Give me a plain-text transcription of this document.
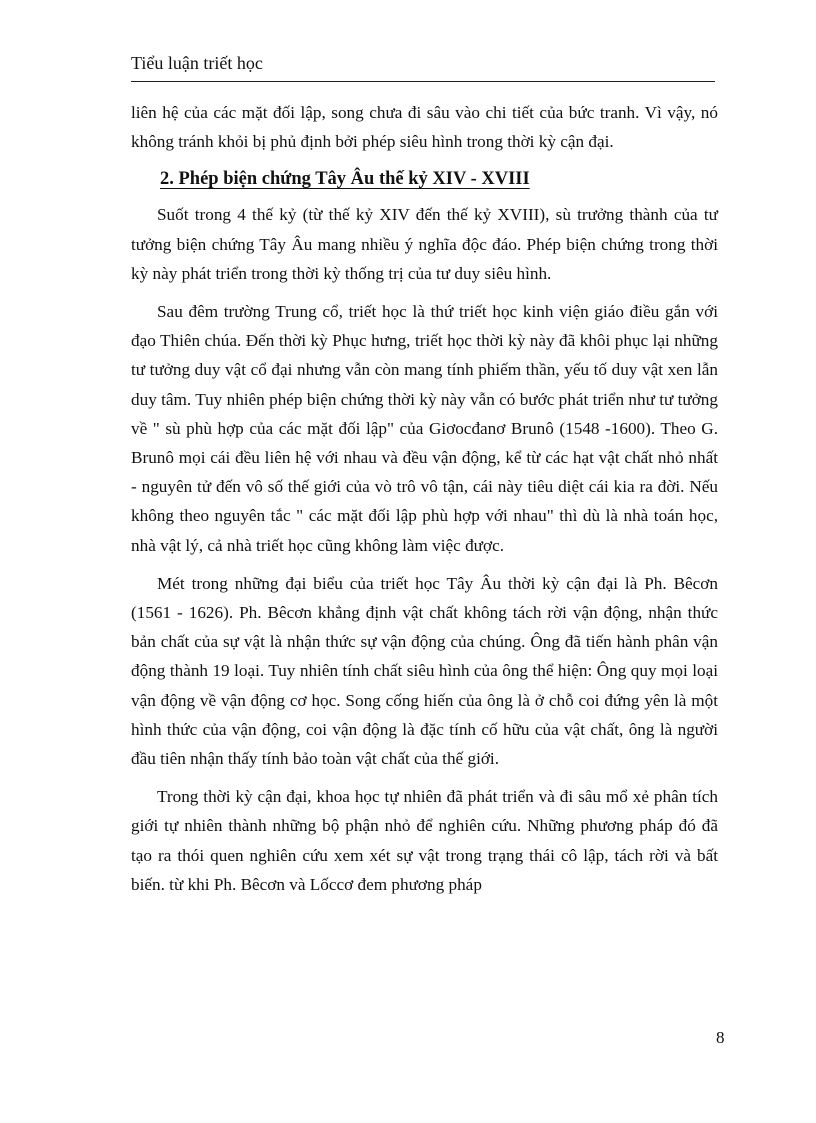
Tiểu luận triết học

liên hệ của các mặt đối lập, song chưa đi sâu vào chi tiết của bức tranh. Vì vậy, nó không tránh khỏi bị phủ định bởi phép siêu hình trong thời kỳ cận đại.

2. Phép biện chứng Tây Âu thế kỷ XIV - XVIII

Suốt trong 4 thế kỷ (từ thế kỷ XIV đến thế kỷ XVIII), sù trưởng thành của tư tưởng biện chứng Tây Âu mang nhiều ý nghĩa độc đáo. Phép biện chứng trong thời kỳ này phát triển trong thời kỳ thống trị của tư duy siêu hình.

Sau đêm trường Trung cổ, triết học là thứ triết học kinh viện giáo điều gắn với đạo Thiên chúa. Đến thời kỳ Phục hưng, triết học thời kỳ này đã khôi phục lại những tư tưởng duy vật cổ đại nhưng vẫn còn mang tính phiếm thần, yếu tố duy vật xen lẫn duy tâm. Tuy nhiên phép biện chứng thời kỳ này vẫn có bước phát triển như tư tưởng về " sù phù hợp của các mặt đối lập" của Giơocđanơ Brunô (1548 -1600). Theo G. Brunô mọi cái đều liên hệ với nhau và đều vận động, kể từ các hạt vật chất nhỏ nhất - nguyên tử đến vô số thế giới của vò trô vô tận, cái này tiêu diệt cái kia ra đời. Nếu không theo nguyên tắc " các mặt đối lập phù hợp với nhau" thì dù là nhà toán học, nhà vật lý, cả nhà triết học cũng không làm việc được.

Mét trong những đại biểu của triết học Tây Âu thời kỳ cận đại là Ph. Bêcơn (1561 - 1626). Ph. Bêcơn khẳng định vật chất không tách rời vận động, nhận thức bản chất của sự vật là nhận thức sự vận động của chúng. Ông đã tiến hành phân vận động thành 19 loại. Tuy nhiên tính chất siêu hình của ông thể hiện: Ông quy mọi loại vận động về vận động cơ học. Song cống hiến của ông là ở chỗ coi đứng yên là một hình thức của vận động, coi vận động là đặc tính cố hữu của vật chất, ông là người đầu tiên nhận thấy tính bảo toàn vật chất của thế giới.

Trong thời kỳ cận đại, khoa học tự nhiên đã phát triển và đi sâu mổ xẻ phân tích giới tự nhiên thành những bộ phận nhỏ để nghiên cứu. Những phương pháp đó đã tạo ra thói quen nghiên cứu xem xét sự vật trong trạng thái cô lập, tách rời và bất biến. từ khi Ph. Bêcơn và Lốccơ đem phương pháp

8
